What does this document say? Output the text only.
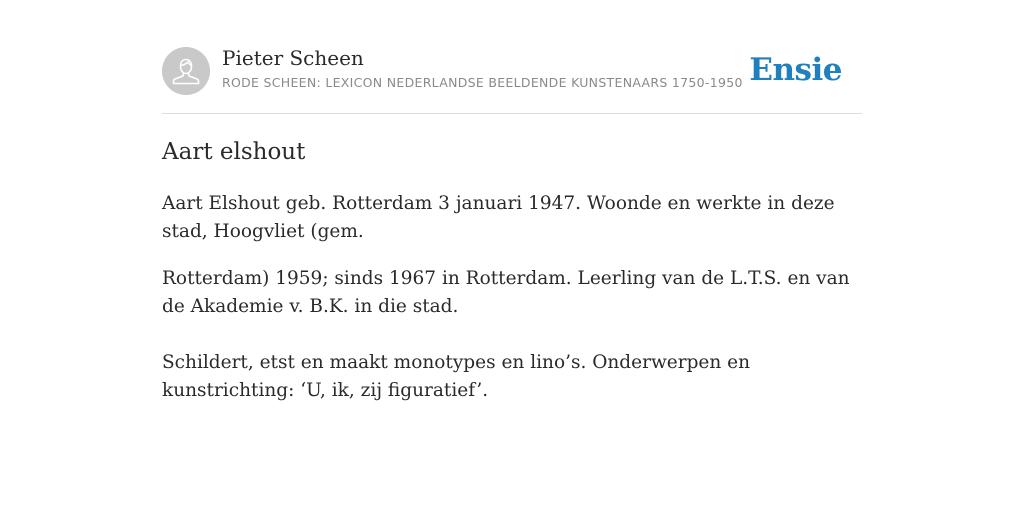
Pieter Scheen
RODE SCHEEN: LEXICON NEDERLANDSE BEELDENDE KUNSTENAARS 1750-1950 Ensie
Aart elshout

Aart Elshout geb. Rotterdam 3 januari 1947. Woonde en werkte in deze stad, Hoogvliet (gem.

Rotterdam) 1959; sinds 1967 in Rotterdam. Leerling van de L.T.S. en van de Akademie v. B.K. in die stad.

Schildert, etst en maakt monotypes en lino’s. Onderwerpen en kunstrichting: ‘U, ik, zij figuratief’.
